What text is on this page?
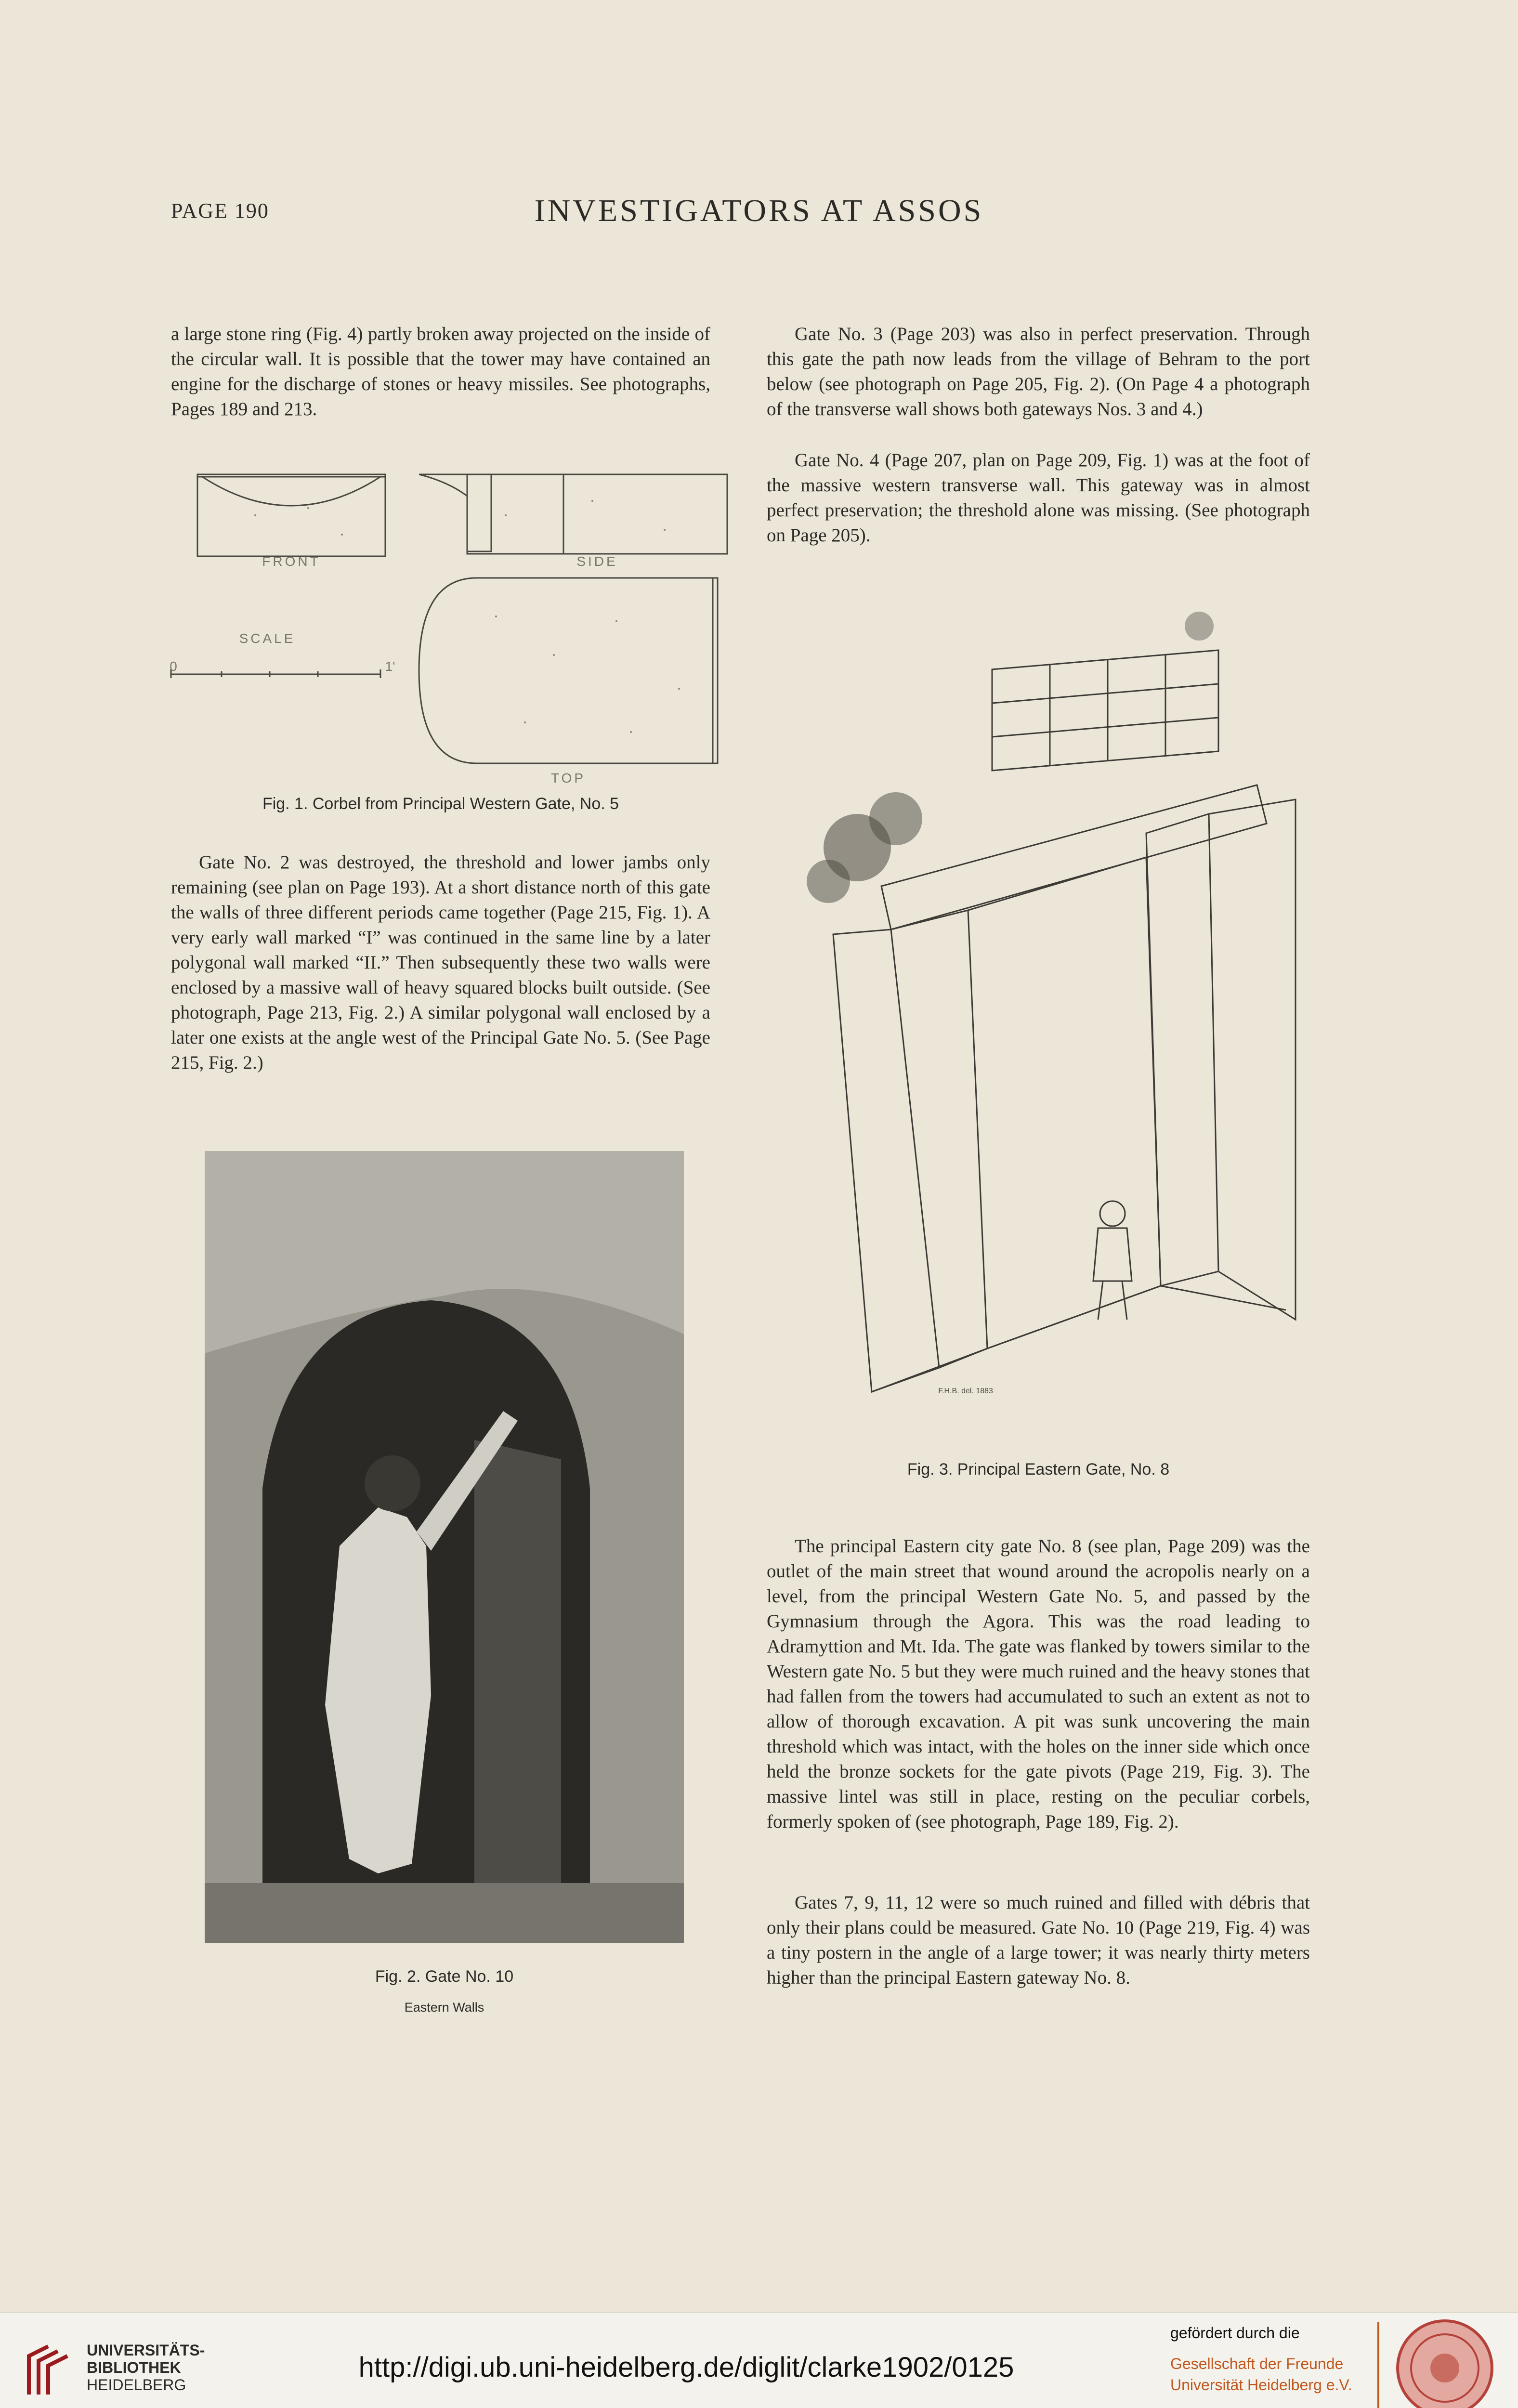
PAGE 190	INVESTIGATORS AT ASSOS

a large stone ring (Fig. 4) partly broken away projected on the inside of the circular wall. It is possible that the tower may have contained an engine for the discharge of stones or heavy missiles. See photographs, Pages 189 and 213.

FRONT	SIDE
SCALE
0	1'
TOP
Fig. 1. Corbel from Principal Western Gate, No. 5

Gate No. 2 was destroyed, the threshold and lower jambs only remaining (see plan on Page 193). At a short distance north of this gate the walls of three different periods came together (Page 215, Fig. 1). A very early wall marked “I” was continued in the same line by a later polygonal wall marked “II.” Then subsequently these two walls were enclosed by a massive wall of heavy squared blocks built outside. (See photograph, Page 213, Fig. 2.) A similar polygonal wall enclosed by a later one exists at the angle west of the Principal Gate No. 5. (See Page 215, Fig. 2.)

Fig. 2. Gate No. 10
Eastern Walls

Gate No. 3 (Page 203) was also in perfect preservation. Through this gate the path now leads from the village of Behram to the port below (see photograph on Page 205, Fig. 2). (On Page 4 a photograph of the transverse wall shows both gateways Nos. 3 and 4.)

Gate No. 4 (Page 207, plan on Page 209, Fig. 1) was at the foot of the massive western transverse wall. This gateway was in almost perfect preservation; the threshold alone was missing. (See photograph on Page 205).

F.H.B. del. 1883
Fig. 3. Principal Eastern Gate, No. 8

The principal Eastern city gate No. 8 (see plan, Page 209) was the outlet of the main street that wound around the acropolis nearly on a level, from the principal Western Gate No. 5, and passed by the Gymnasium through the Agora. This was the road leading to Adramyttion and Mt. Ida. The gate was flanked by towers similar to the Western gate No. 5 but they were much ruined and the heavy stones that had fallen from the towers had accumulated to such an extent as not to allow of thorough excavation. A pit was sunk uncovering the main threshold which was intact, with the holes on the inner side which once held the bronze sockets for the gate pivots (Page 219, Fig. 3). The massive lintel was still in place, resting on the peculiar corbels, formerly spoken of (see photograph, Page 189, Fig. 2).

Gates 7, 9, 11, 12 were so much ruined and filled with débris that only their plans could be measured. Gate No. 10 (Page 219, Fig. 4) was a tiny postern in the angle of a large tower; it was nearly thirty meters higher than the principal Eastern gateway No. 8.

UNIVERSITÄTS-
BIBLIOTHEK
HEIDELBERG
http://digi.ub.uni-heidelberg.de/diglit/clarke1902/0125
gefördert durch die
Gesellschaft der Freunde
Universität Heidelberg e.V.
